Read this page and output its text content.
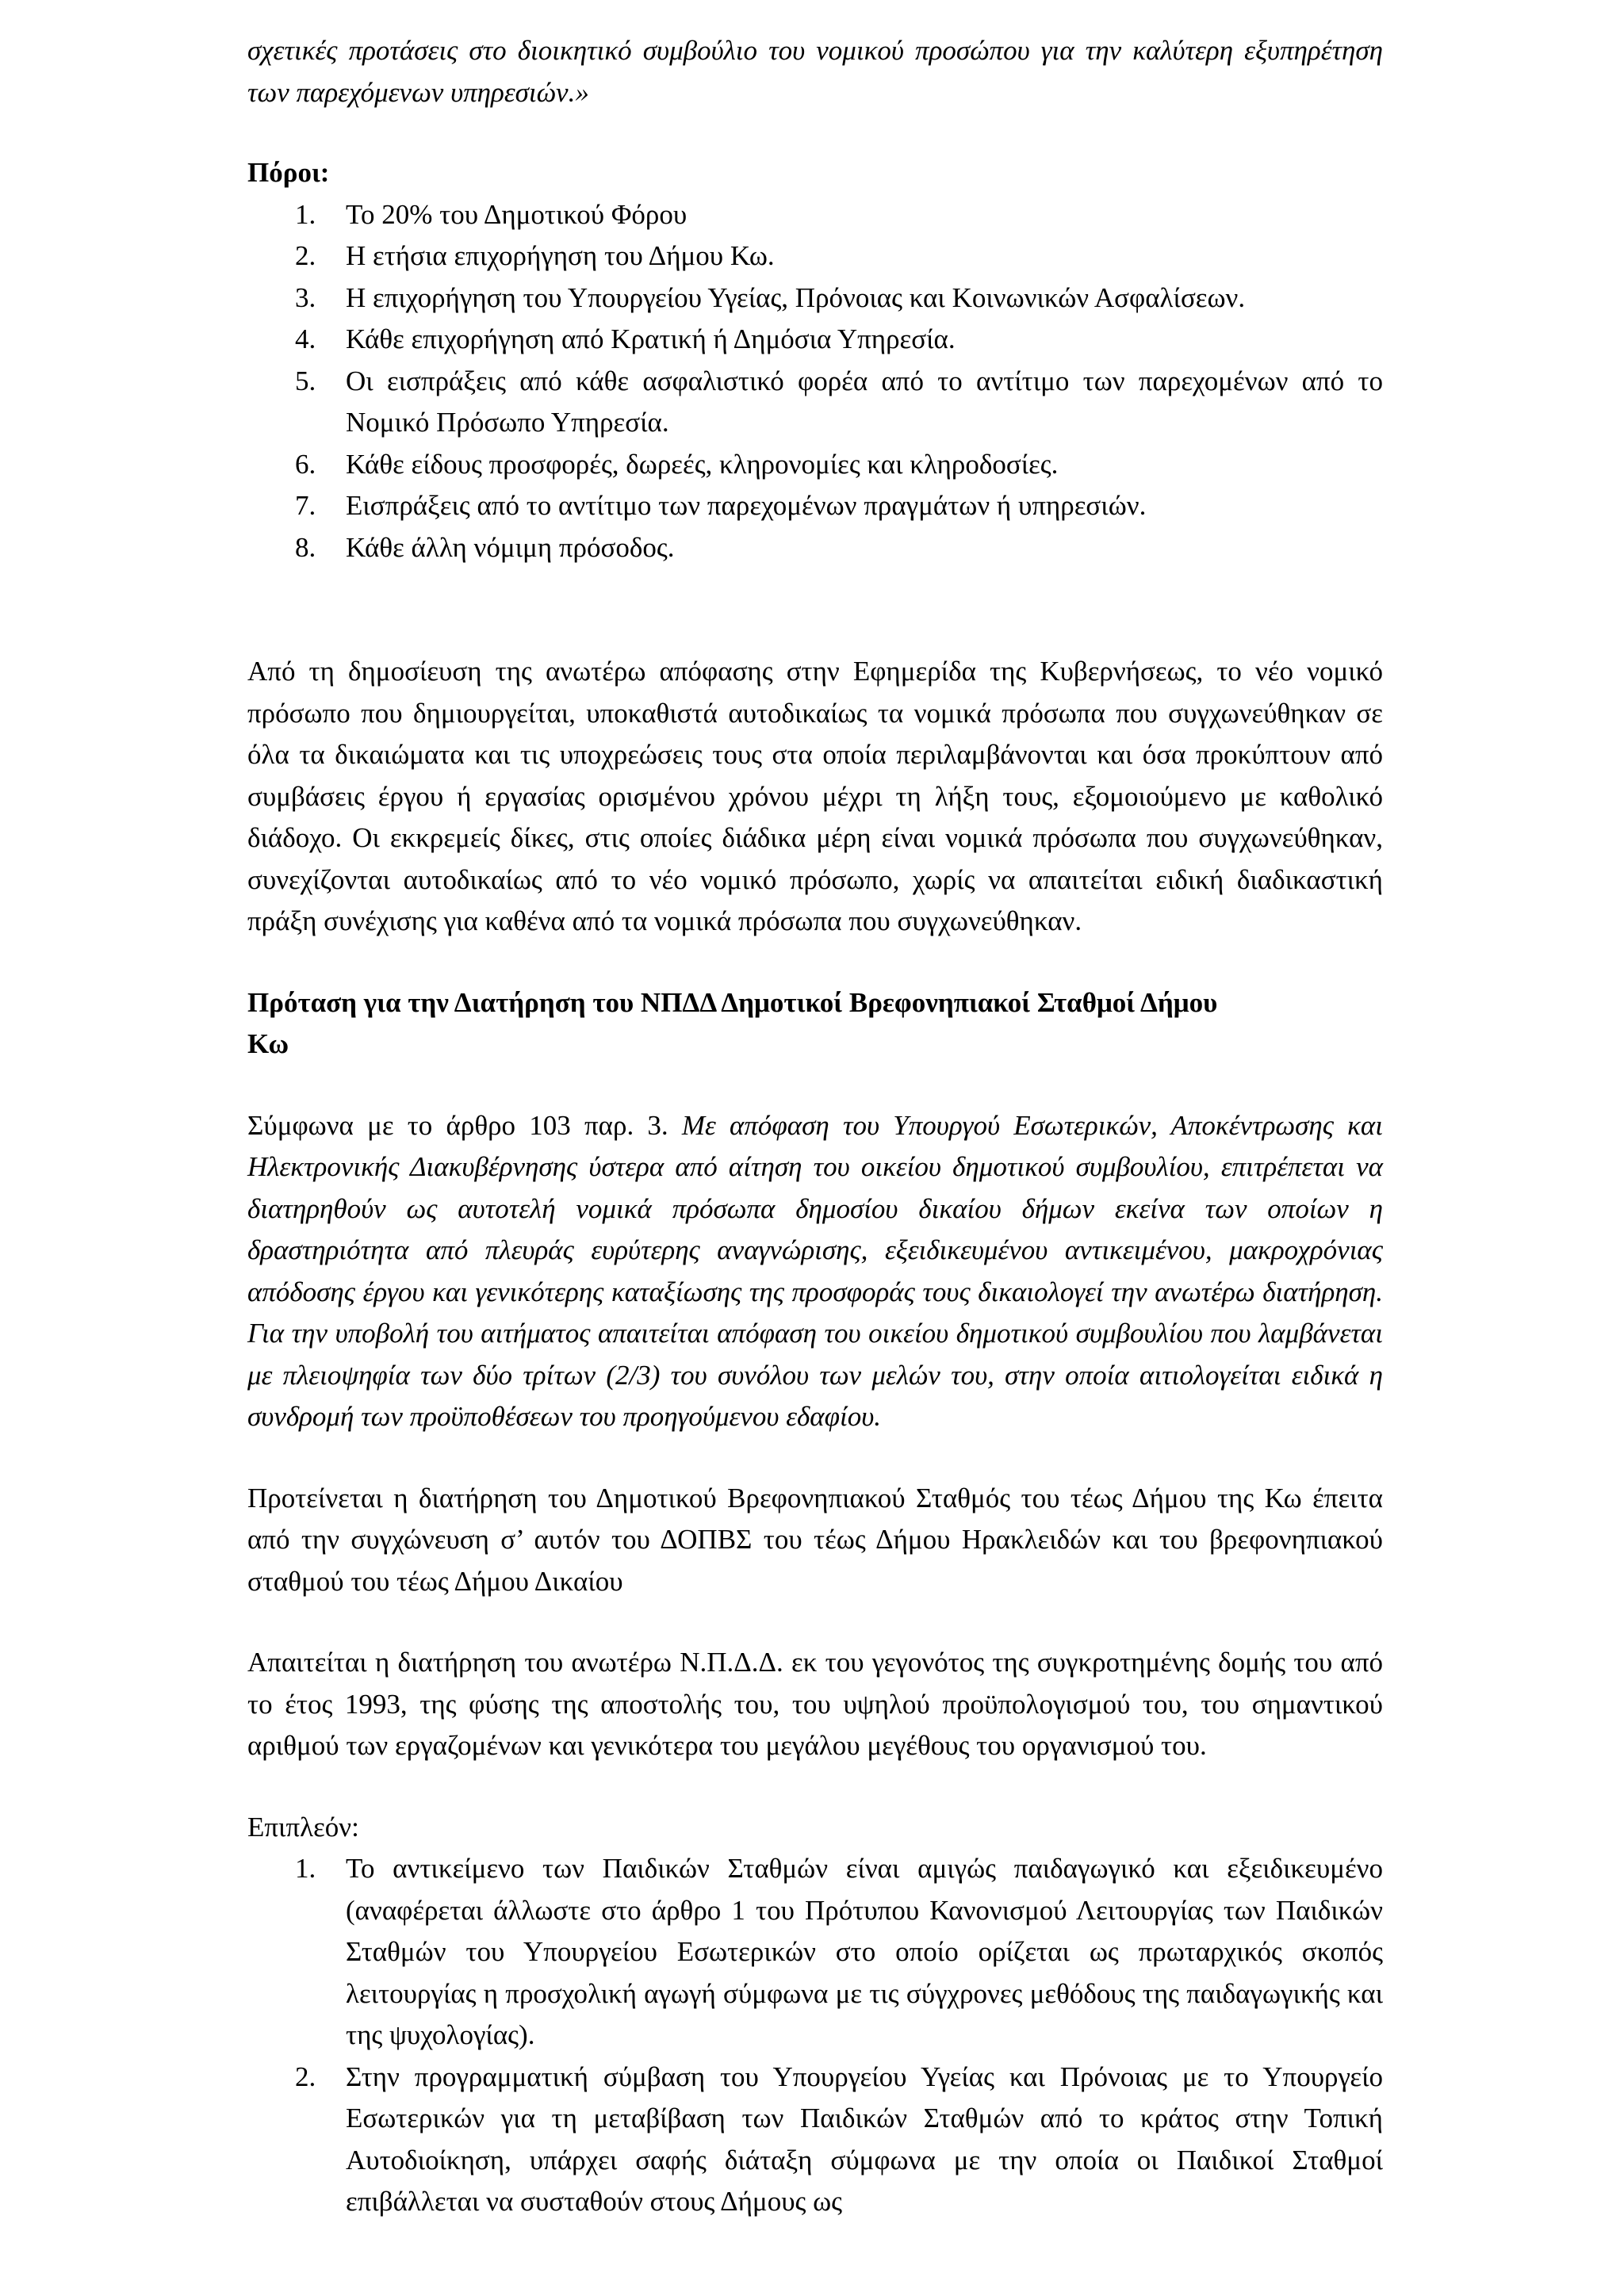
σχετικές προτάσεις στο διοικητικό συμβούλιο του νομικού προσώπου για την καλύτερη εξυπηρέτηση των παρεχόμενων υπηρεσιών.»

Πόροι:

1. Το 20% του Δημοτικού Φόρου
2. Η ετήσια επιχορήγηση του Δήμου Κω.
3. Η επιχορήγηση του Υπουργείου Υγείας, Πρόνοιας και Κοινωνικών Ασφαλίσεων.
4. Κάθε επιχορήγηση από Κρατική ή Δημόσια Υπηρεσία.
5. Οι εισπράξεις από κάθε ασφαλιστικό φορέα από το αντίτιμο των παρεχομένων από το Νομικό Πρόσωπο Υπηρεσία.
6. Κάθε είδους προσφορές, δωρεές, κληρονομίες και κληροδοσίες.
7. Εισπράξεις από το αντίτιμο των παρεχομένων πραγμάτων ή υπηρεσιών.
8. Κάθε άλλη νόμιμη πρόσοδος.

Από τη δημοσίευση της ανωτέρω απόφασης στην Εφημερίδα της Κυβερνήσεως, το νέο νομικό πρόσωπο που δημιουργείται, υποκαθιστά αυτοδικαίως τα νομικά πρόσωπα που συγχωνεύθηκαν σε όλα τα δικαιώματα και τις υποχρεώσεις τους στα οποία περιλαμβάνονται και όσα προκύπτουν από συμβάσεις έργου ή εργασίας ορισμένου χρόνου μέχρι τη λήξη τους, εξομοιούμενο με καθολικό διάδοχο. Οι εκκρεμείς δίκες, στις οποίες διάδικα μέρη είναι νομικά πρόσωπα που συγχωνεύθηκαν, συνεχίζονται αυτοδικαίως από το νέο νομικό πρόσωπο, χωρίς να απαιτείται ειδική διαδικαστική πράξη συνέχισης για καθένα από τα νομικά πρόσωπα που συγχωνεύθηκαν.

Πρόταση για την Διατήρηση του ΝΠΔΔ Δημοτικοί Βρεφονηπιακοί Σταθμοί Δήμου Κω

Σύμφωνα με το άρθρο 103 παρ. 3. Με απόφαση του Υπουργού Εσωτερικών, Αποκέντρωσης και Ηλεκτρονικής Διακυβέρνησης ύστερα από αίτηση του οικείου δημοτικού συμβουλίου, επιτρέπεται να διατηρηθούν ως αυτοτελή νομικά πρόσωπα δημοσίου δικαίου δήμων εκείνα των οποίων η δραστηριότητα από πλευράς ευρύτερης αναγνώρισης, εξειδικευμένου αντικειμένου, μακροχρόνιας απόδοσης έργου και γενικότερης καταξίωσης της προσφοράς τους δικαιολογεί την ανωτέρω διατήρηση. Για την υποβολή του αιτήματος απαιτείται απόφαση του οικείου δημοτικού συμβουλίου που λαμβάνεται με πλειοψηφία των δύο τρίτων (2/3) του συνόλου των μελών του, στην οποία αιτιολογείται ειδικά η συνδρομή των προϋποθέσεων του προηγούμενου εδαφίου.

Προτείνεται η διατήρηση του Δημοτικού Βρεφονηπιακού Σταθμός του τέως Δήμου της Κω έπειτα από την συγχώνευση σ’ αυτόν του ΔΟΠΒΣ του τέως Δήμου Ηρακλειδών και του βρεφονηπιακού σταθμού του τέως Δήμου Δικαίου

Απαιτείται η διατήρηση του ανωτέρω Ν.Π.Δ.Δ. εκ του γεγονότος της συγκροτημένης δομής του από το έτος 1993, της φύσης της αποστολής του, του υψηλού προϋπολογισμού του, του σημαντικού αριθμού των εργαζομένων και γενικότερα του μεγάλου μεγέθους του οργανισμού του.

Επιπλεόν:

1. Το αντικείμενο των Παιδικών Σταθμών είναι αμιγώς παιδαγωγικό και εξειδικευμένο (αναφέρεται άλλωστε στο άρθρο 1 του Πρότυπου Κανονισμού Λειτουργίας των Παιδικών Σταθμών του Υπουργείου Εσωτερικών στο οποίο ορίζεται ως πρωταρχικός σκοπός λειτουργίας η προσχολική αγωγή σύμφωνα με τις σύγχρονες μεθόδους της παιδαγωγικής και της ψυχολογίας).
2. Στην προγραμματική σύμβαση του Υπουργείου Υγείας και Πρόνοιας με το Υπουργείο Εσωτερικών για τη μεταβίβαση των Παιδικών Σταθμών από το κράτος στην Τοπική Αυτοδιοίκηση, υπάρχει σαφής διάταξη σύμφωνα με την οποία οι Παιδικοί Σταθμοί επιβάλλεται να συσταθούν στους Δήμους ως
